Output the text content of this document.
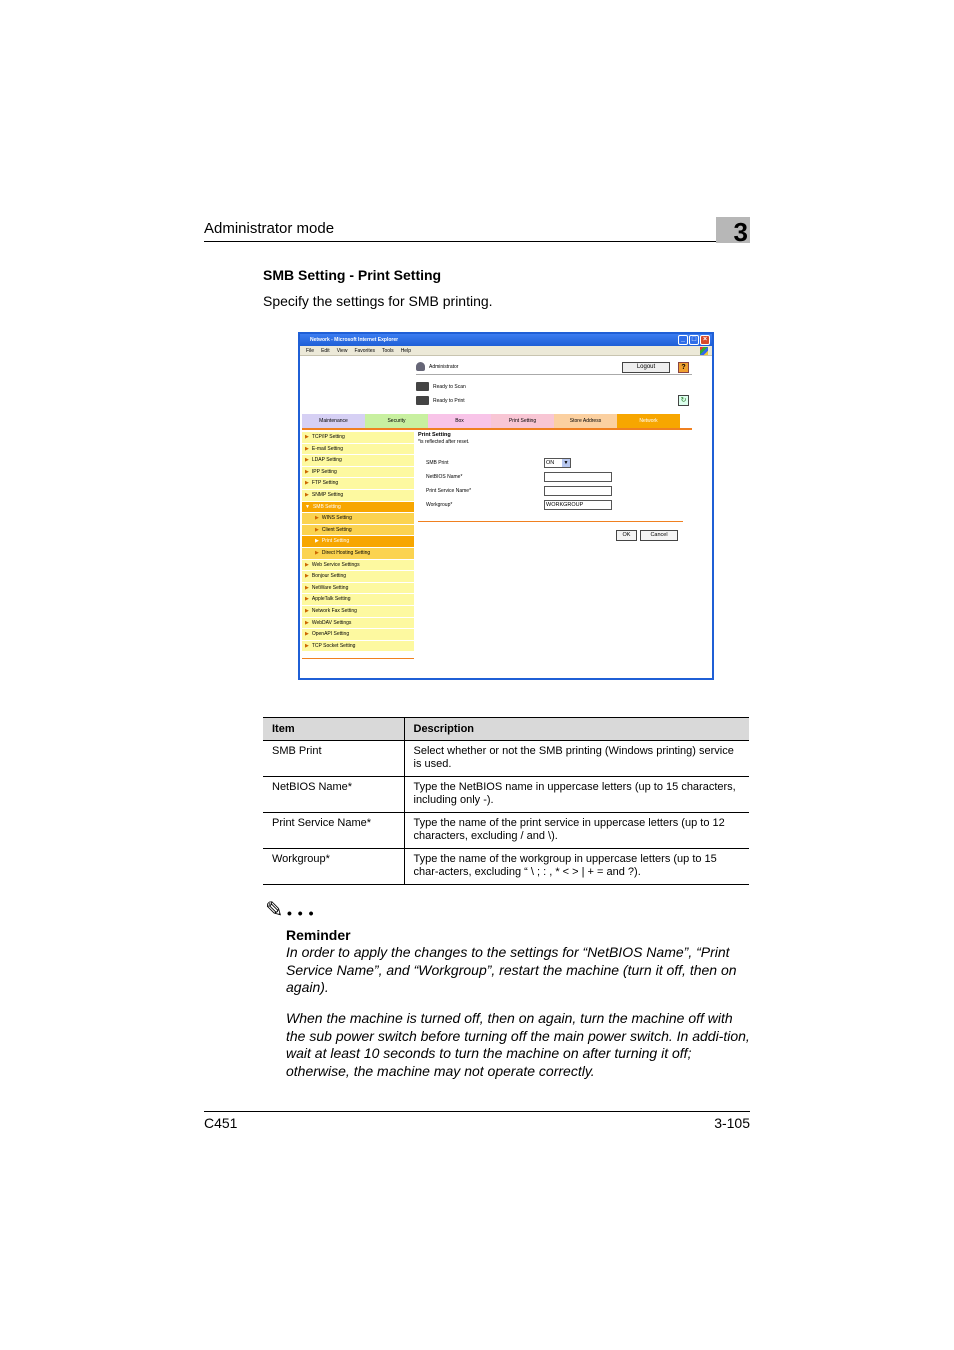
Administrator mode	3
SMB Setting - Print Setting
Specify the settings for SMB printing.
Network - Microsoft Internet Explorer	_ □ ×
File Edit View Favorites Tools Help
Administrator	Logout	?
Ready to Scan
Ready to Print	↻
Maintenance	Security	Box	Print Setting	Store Address	Network
▶ TCP/IP Setting
▶ E-mail Setting
▶ LDAP Setting
▶ IPP Setting
▶ FTP Setting
▶ SNMP Setting
▼ SMB Setting
▶ WINS Setting
▶ Client Setting
▶ Print Setting
▶ Direct Hosting Setting
▶ Web Service Settings
▶ Bonjour Setting
▶ NetWare Setting
▶ AppleTalk Setting
▶ Network Fax Setting
▶ WebDAV Settings
▶ OpenAPI Setting
▶ TCP Socket Setting
Print Setting
*is reflected after reset.
SMB Print	ON	▼
NetBIOS Name*
Print Service Name*
Workgroup*	WORKGROUP
OK	Cancel
Item	Description
SMB Print	Select whether or not the SMB printing (Windows printing) service is used.
NetBIOS Name*	Type the NetBIOS name in uppercase letters (up to 15 characters, including only -).
Print Service Name*	Type the name of the print service in uppercase letters (up to 12 characters, excluding / and \).
Workgroup*	Type the name of the workgroup in uppercase letters (up to 15 char-acters, excluding “ \ ; : , * < > | + = and ?).
✎ • • •
Reminder
In order to apply the changes to the settings for “NetBIOS Name”, “Print Service Name”, and “Workgroup”, restart the machine (turn it off, then on again).
When the machine is turned off, then on again, turn the machine off with the sub power switch before turning off the main power switch. In addi-tion, wait at least 10 seconds to turn the machine on after turning it off; otherwise, the machine may not operate correctly.
C451	3-105
